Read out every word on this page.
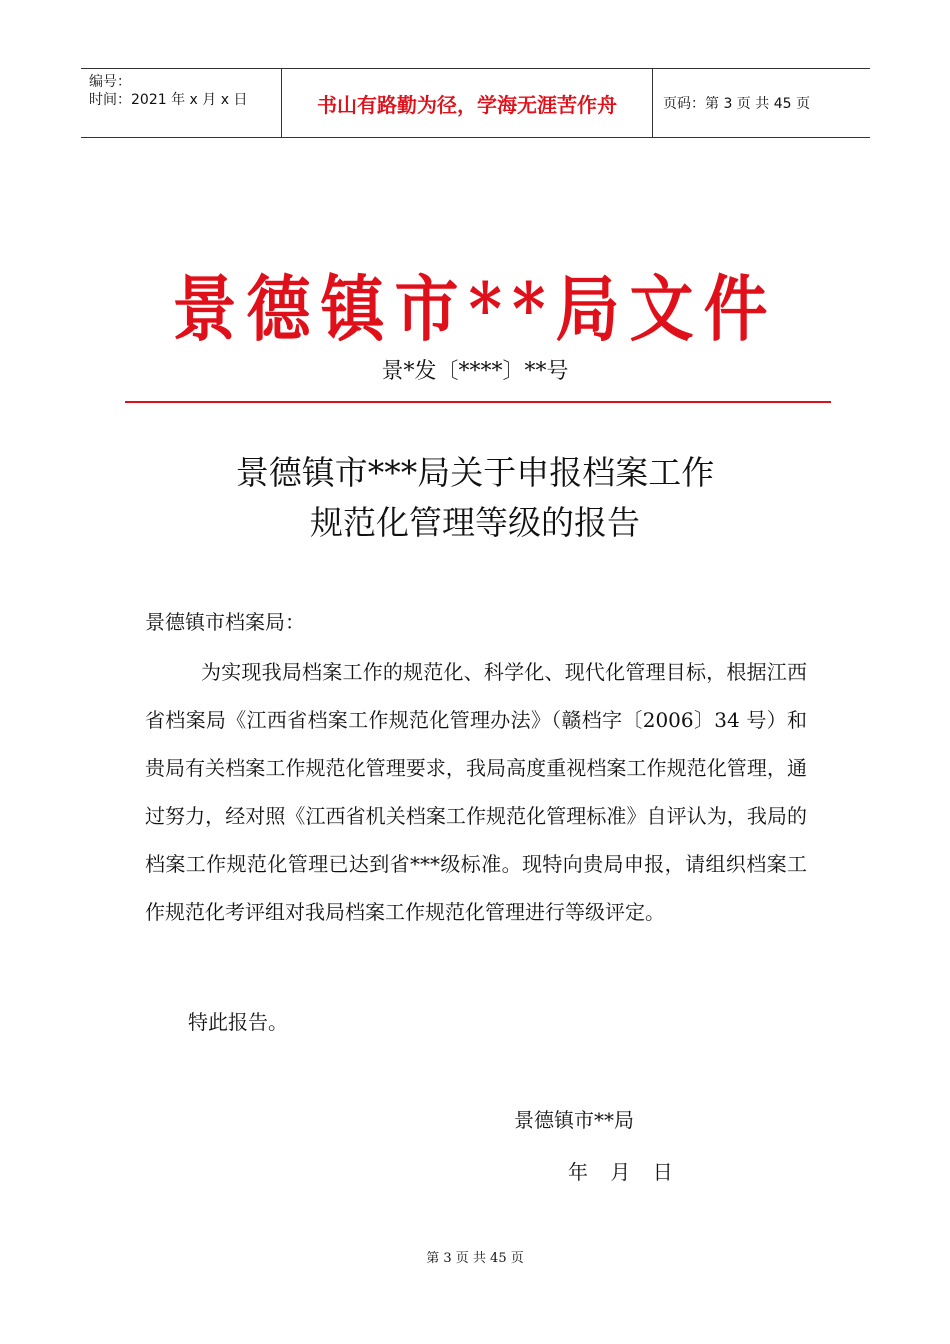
编号：
时间：2021 年 x 月 x 日	书山有路勤为径，学海无涯苦作舟	页码：第 3 页 共 45 页
景德镇市**局文件
景*发〔****〕**号
景德镇市***局关于申报档案工作
规范化管理等级的报告
景德镇市档案局：
为实现我局档案工作的规范化、科学化、现代化管理目标，根据江西省档案局《江西省档案工作规范化管理办法》（赣档字〔2006〕34 号）和贵局有关档案工作规范化管理要求，我局高度重视档案工作规范化管理，通过努力，经对照《江西省机关档案工作规范化管理标准》自评认为，我局的档案工作规范化管理已达到省***级标准。现特向贵局申报，请组织档案工作规范化考评组对我局档案工作规范化管理进行等级评定。
特此报告。
景德镇市**局
年 月 日
第 3 页 共 45 页
